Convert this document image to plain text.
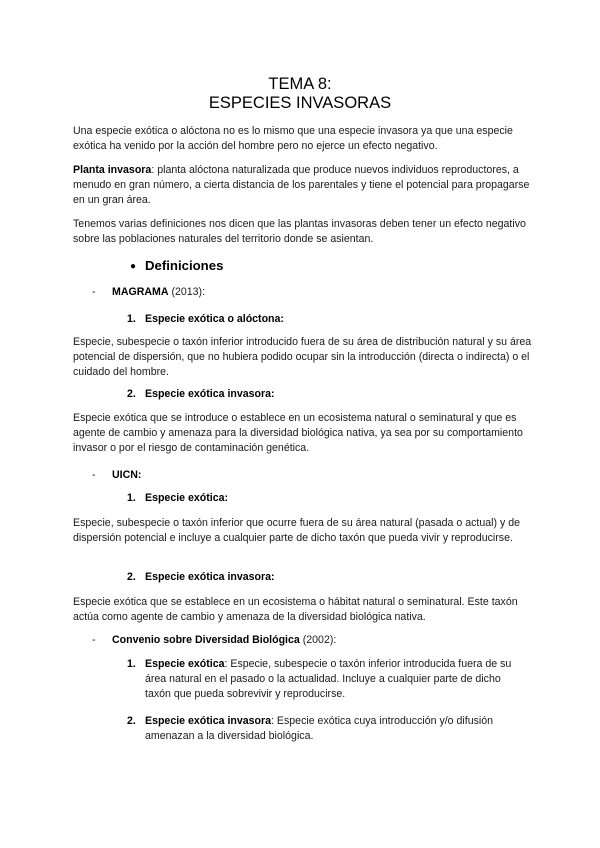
TEMA 8:
ESPECIES INVASORAS
Una especie exótica o alóctona no es lo mismo que una especie invasora ya que una especie exótica ha venido por la acción del hombre pero no ejerce un efecto negativo.
Planta invasora: planta alóctona naturalizada que produce nuevos individuos reproductores, a menudo en gran número, a cierta distancia de los parentales y tiene el potencial para propagarse en un gran área.
Tenemos varias definiciones nos dicen que las plantas invasoras deben tener un efecto negativo sobre las poblaciones naturales del territorio donde se asientan.
● Definiciones
- MAGRAMA (2013):
1. Especie exótica o alóctona:
Especie, subespecie o taxón inferior introducido fuera de su área de distribución natural y su área potencial de dispersión, que no hubiera podido ocupar sin la introducción (directa o indirecta) o el cuidado del hombre.
2. Especie exótica invasora:
Especie exótica que se introduce o establece en un ecosistema natural o seminatural y que es agente de cambio y amenaza para la diversidad biológica nativa, ya sea por su comportamiento invasor o por el riesgo de contaminación genética.
- UICN:
1. Especie exótica:
Especie, subespecie o taxón inferior que ocurre fuera de su área natural (pasada o actual) y de dispersión potencial e incluye a cualquier parte de dicho taxón que pueda vivir y reproducirse.
2. Especie exótica invasora:
Especie exótica que se establece en un ecosistema o hábitat natural o seminatural. Este taxón actúa como agente de cambio y amenaza de la diversidad biológica nativa.
- Convenio sobre Diversidad Biológica (2002):
1. Especie exótica: Especie, subespecie o taxón inferior introducida fuera de su área natural en el pasado o la actualidad. Incluye a cualquier parte de dicho taxón que pueda sobrevivir y reproducirse.
2. Especie exótica invasora: Especie exótica cuya introducción y/o difusión amenazan a la diversidad biológica.
